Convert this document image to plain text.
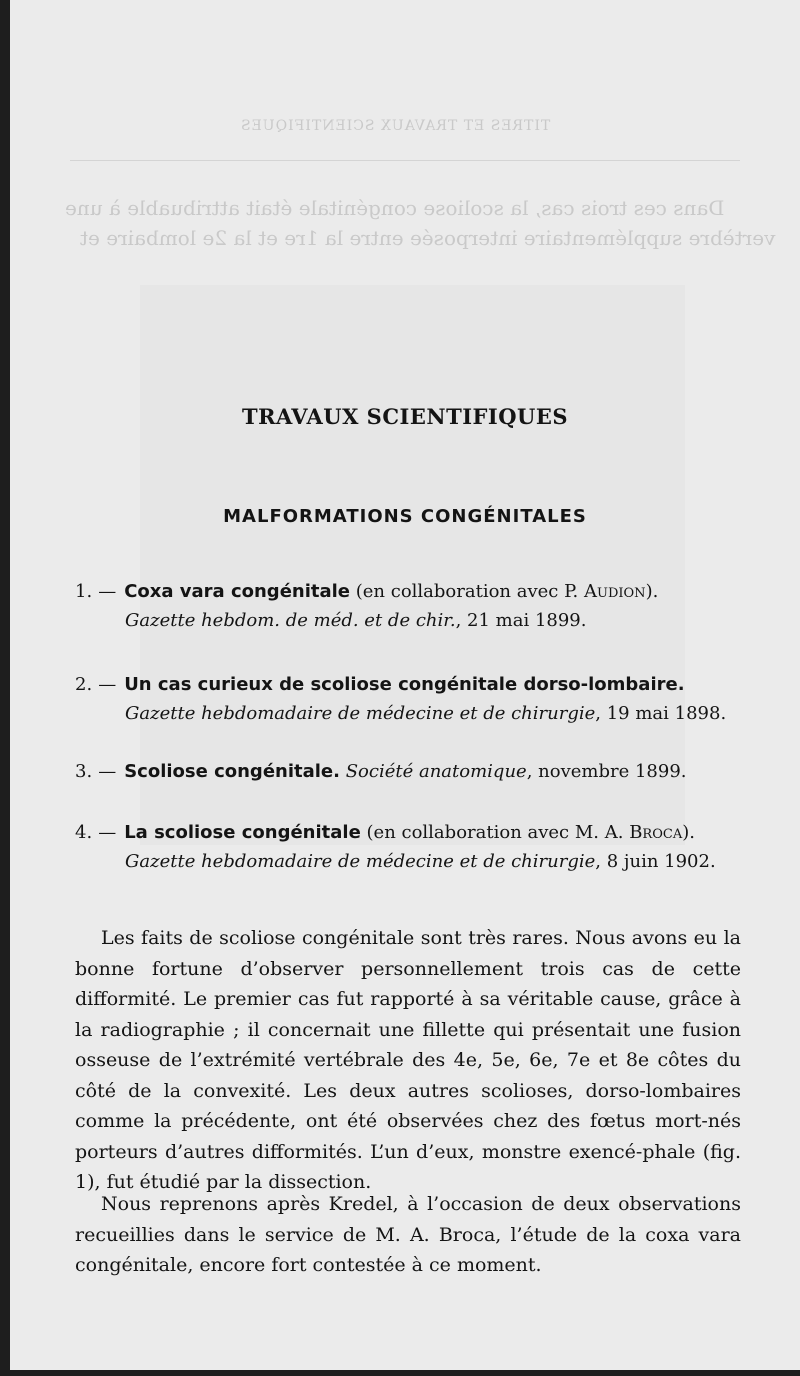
TITRES ET TRAVAUX SCIENTIFIQUES
Dans ces trois cas, la scoliose congénitale était attribuable à une
vertèbre supplémentaire interposée entre la 1re et la 2e lombaire et
TRAVAUX SCIENTIFIQUES
MALFORMATIONS CONGÉNITALES
1. — Coxa vara congénitale (en collaboration avec P. Audion).
Gazette hebdom. de méd. et de chir., 21 mai 1899.
2. — Un cas curieux de scoliose congénitale dorso-lombaire.
Gazette hebdomadaire de médecine et de chirurgie, 19 mai 1898.
3. — Scoliose congénitale. Société anatomique, novembre 1899.
4. — La scoliose congénitale (en collaboration avec M. A. Broca).
Gazette hebdomadaire de médecine et de chirurgie, 8 juin 1902.

Les faits de scoliose congénitale sont très rares. Nous avons eu la bonne fortune d’observer personnellement trois cas de cette difformité. Le premier cas fut rapporté à sa véritable cause, grâce à la radiographie ; il concernait une fillette qui présentait une fusion osseuse de l’extrémité vertébrale des 4e, 5e, 6e, 7e et 8e côtes du côté de la convexité. Les deux autres scolioses, dorso-lombaires comme la précédente, ont été observées chez des fœtus mort-nés porteurs d’autres difformités. L’un d’eux, monstre exencé-phale (fig. 1), fut étudié par la dissection.

Nous reprenons après Kredel, à l’occasion de deux observations recueillies dans le service de M. A. Broca, l’étude de la coxa vara congénitale, encore fort contestée à ce moment.
